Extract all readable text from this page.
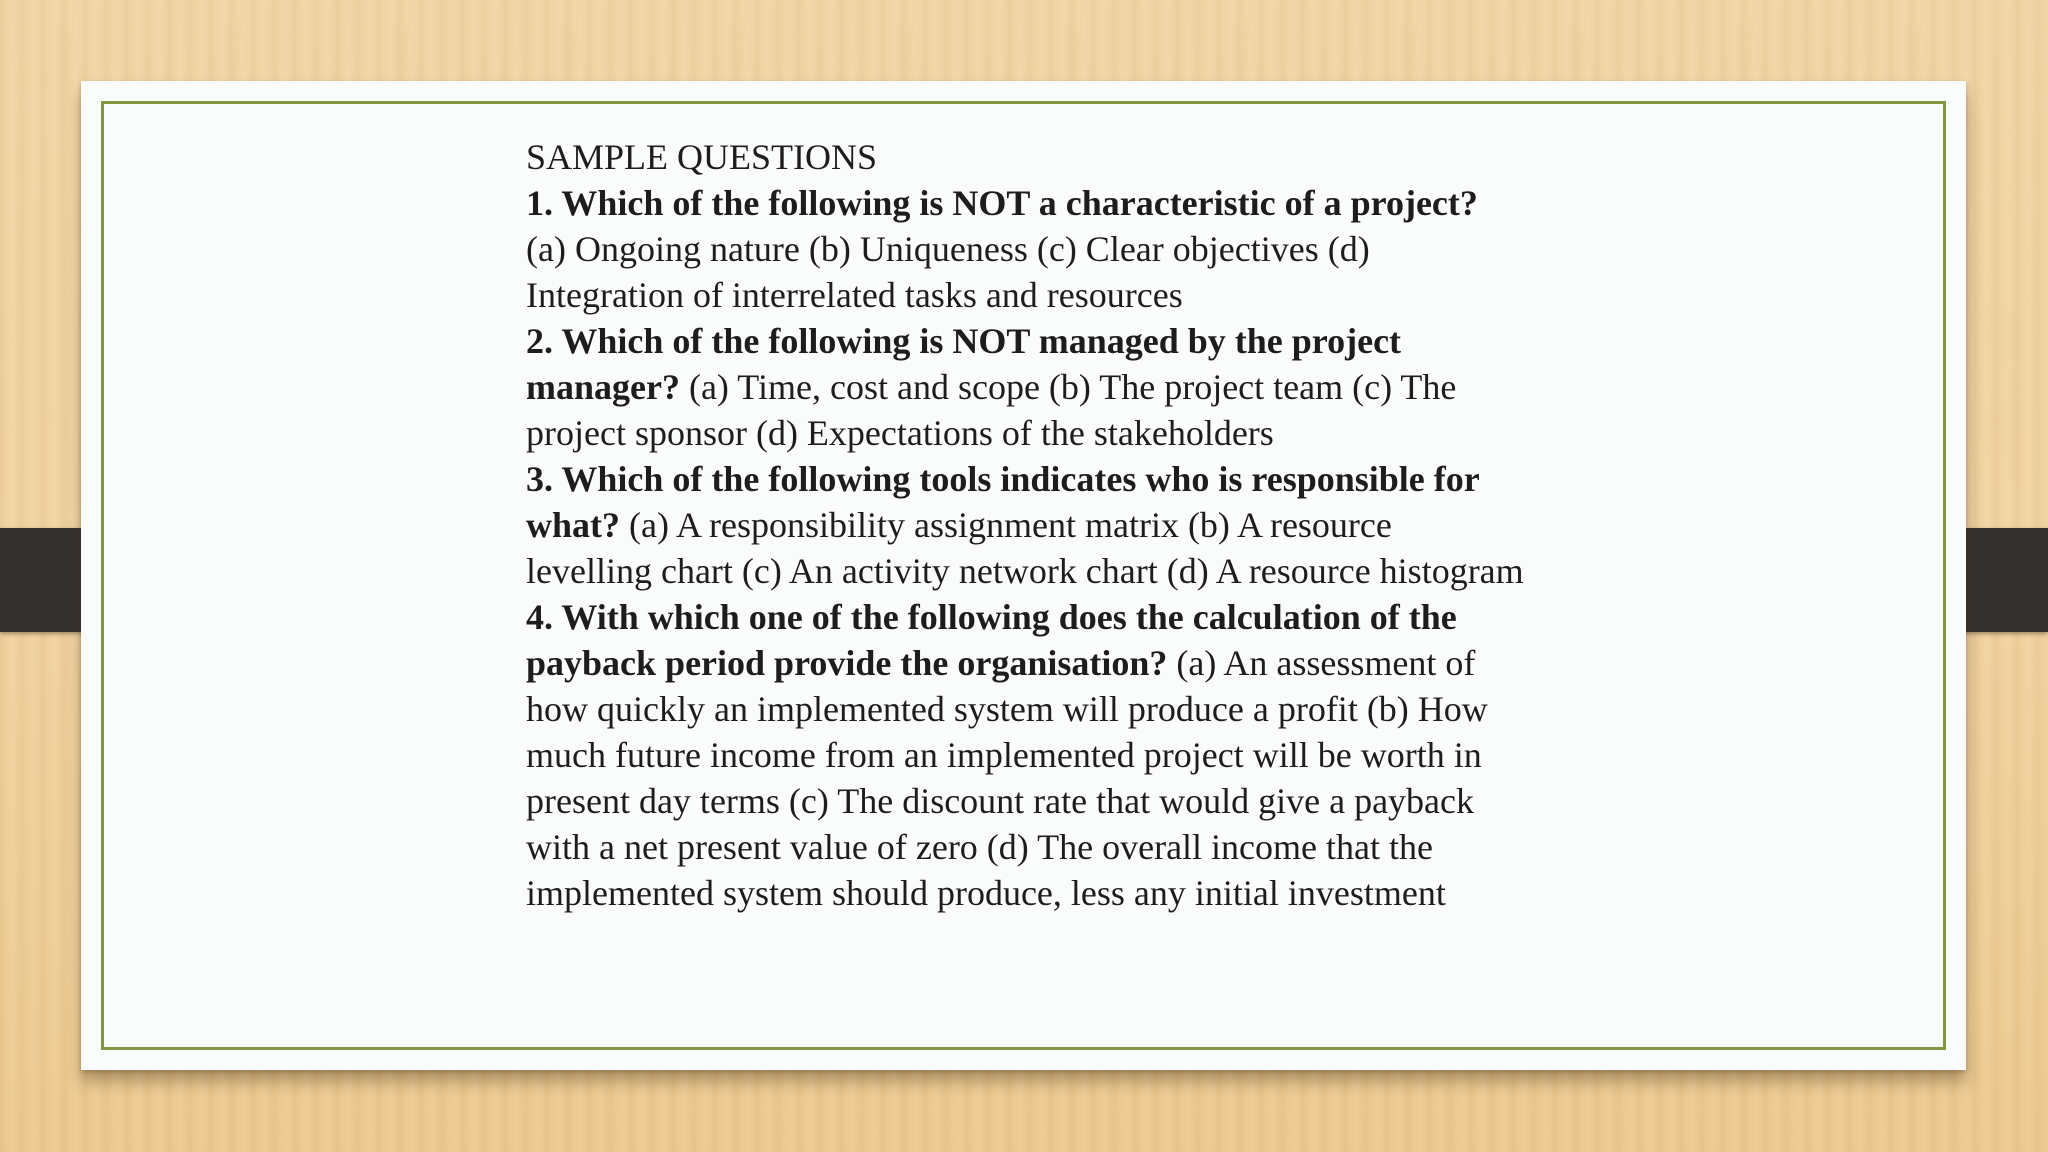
SAMPLE QUESTIONS

1. Which of the following is NOT a characteristic of a project? (a) Ongoing nature (b) Uniqueness (c) Clear objectives (d) Integration of interrelated tasks and resources

2. Which of the following is NOT managed by the project manager? (a) Time, cost and scope (b) The project team (c) The project sponsor (d) Expectations of the stakeholders

3. Which of the following tools indicates who is responsible for what? (a) A responsibility assignment matrix (b) A resource levelling chart (c) An activity network chart (d) A resource histogram

4. With which one of the following does the calculation of the payback period provide the organisation? (a) An assessment of how quickly an implemented system will produce a profit (b) How much future income from an implemented project will be worth in present day terms (c) The discount rate that would give a payback with a net present value of zero (d) The overall income that the implemented system should produce, less any initial investment
